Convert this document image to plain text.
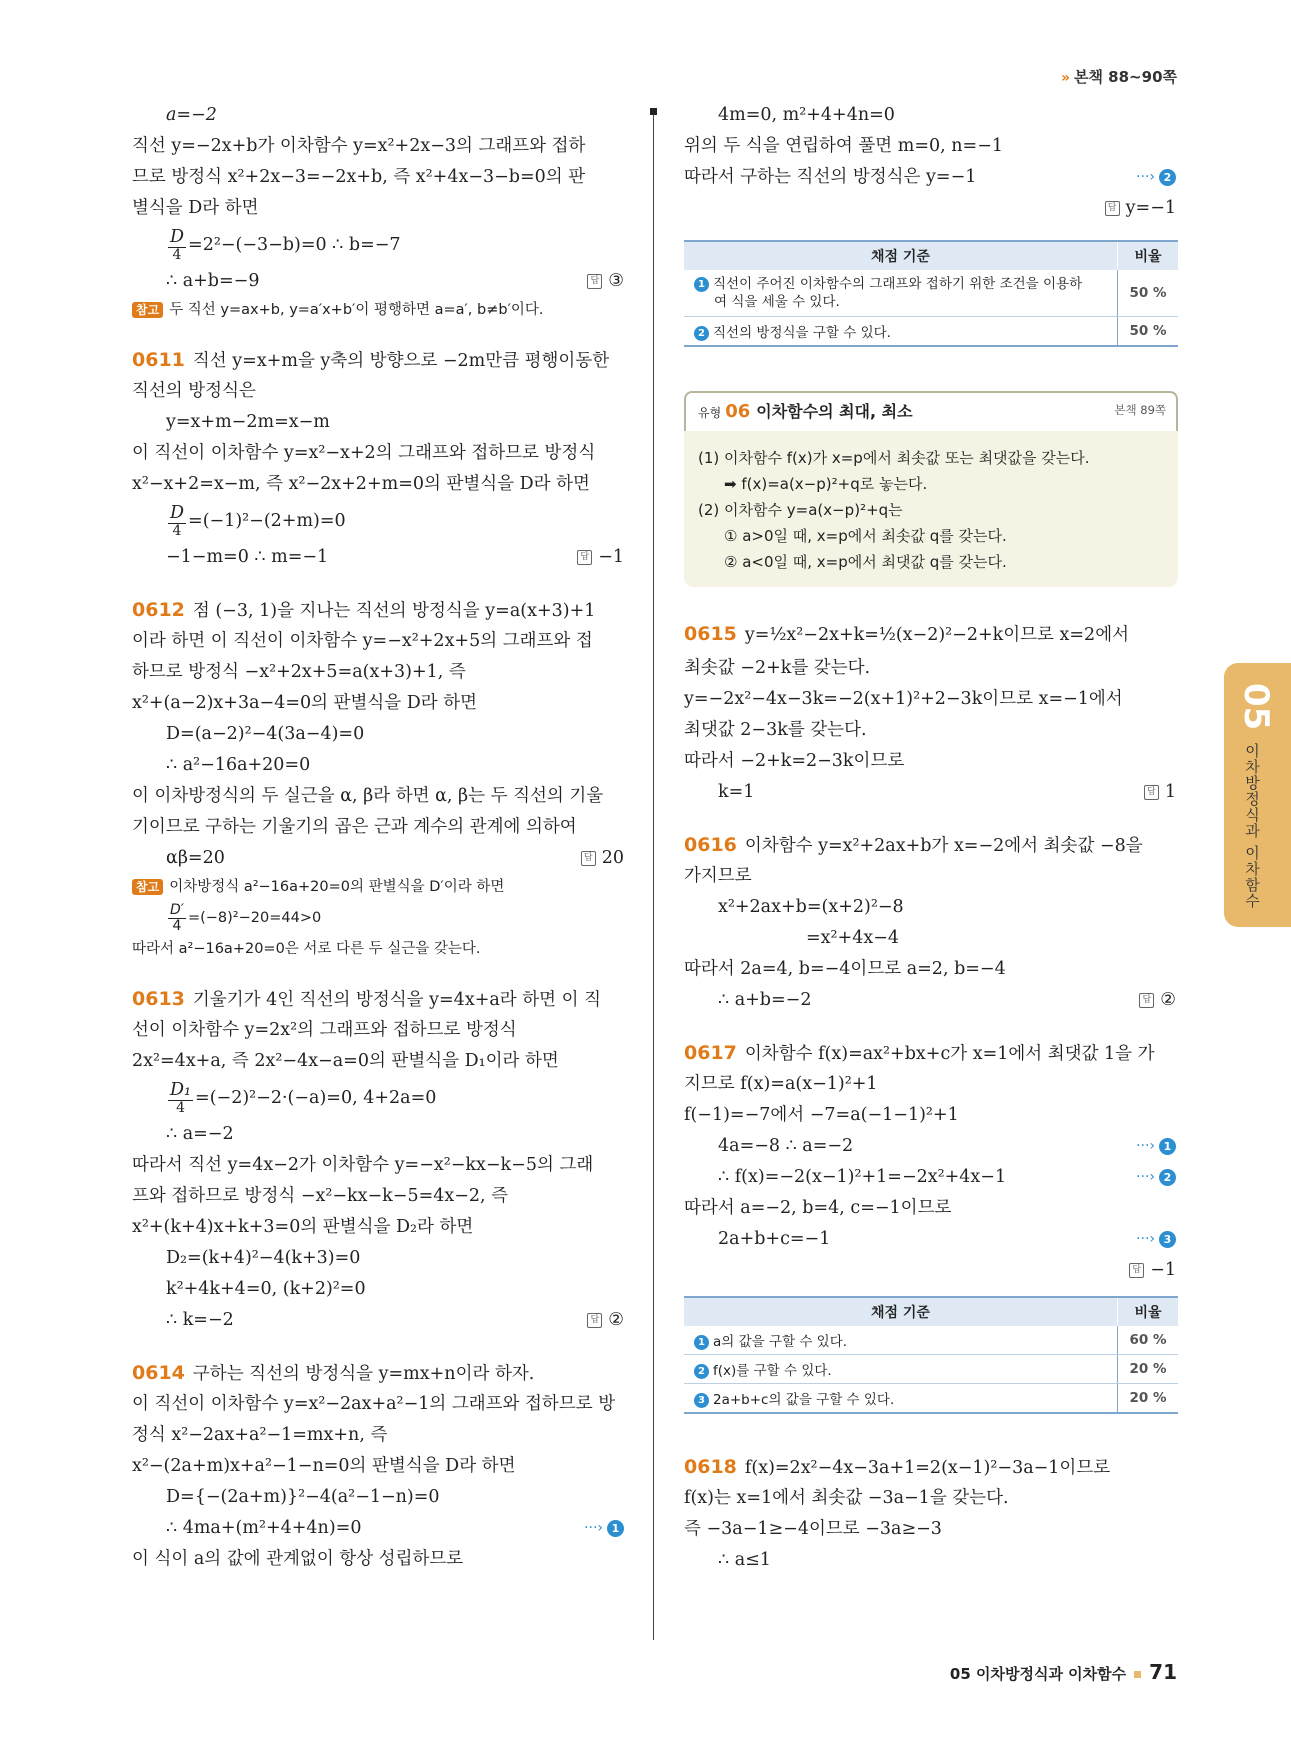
» 본책 88~90쪽
a=−2
직선 y=−2x+b가 이차함수 y=x²+2x−3의 그래프와 접하
므로 방정식 x²+2x−3=−2x+b, 즉 x²+4x−3−b=0의 판
별식을 D라 하면
$\frac{D}{4} =2^2-(-3-b)=0$ ∴ b=−7
∴ a+b=−9	답 ③
참고 두 직선 y=ax+b, y=a′x+b′이 평행하면 a=a′, b≠b′이다.
0611 직선 y=x+m을 y축의 방향으로 −2m만큼 평행이동한
직선의 방정식은
y=x+m−2m=x−m
이 직선이 이차함수 y=x²−x+2의 그래프와 접하므로 방정식
x²−x+2=x−m, 즉 x²−2x+2+m=0의 판별식을 D라 하면
$\frac{D}{4} =(-1)^2-(2+m)=0$
−1−m=0 ∴ m=−1	답 −1
0612 점 (−3, 1)을 지나는 직선의 방정식을 y=a(x+3)+1
이라 하면 이 직선이 이차함수 y=−x²+2x+5의 그래프와 접
하므로 방정식 −x²+2x+5=a(x+3)+1, 즉
x²+(a−2)x+3a−4=0의 판별식을 D라 하면
D=(a−2)²−4(3a−4)=0
∴ a²−16a+20=0
이 이차방정식의 두 실근을 α, β라 하면 α, β는 두 직선의 기울
기이므로 구하는 기울기의 곱은 근과 계수의 관계에 의하여
αβ=20	답 20
참고 이차방정식 a²−16a+20=0의 판별식을 D′이라 하면
$\frac{D'}{4} =(-8)^2-20=44>0$
따라서 a²−16a+20=0은 서로 다른 두 실근을 갖는다.
0613 기울기가 4인 직선의 방정식을 y=4x+a라 하면 이 직
선이 이차함수 y=2x²의 그래프와 접하므로 방정식
2x²=4x+a, 즉 2x²−4x−a=0의 판별식을 D₁이라 하면
$\frac{\text{D₁}}{4} =(-2)^2-2\cdot(-a)=0$, 4+2a=0
∴ a=−2
따라서 직선 y=4x−2가 이차함수 y=−x²−kx−k−5의 그래
프와 접하므로 방정식 −x²−kx−k−5=4x−2, 즉
x²+(k+4)x+k+3=0의 판별식을 D₂라 하면
D₂=(k+4)²−4(k+3)=0
k²+4k+4=0, (k+2)²=0
∴ k=−2	답 ②
0614 구하는 직선의 방정식을 y=mx+n이라 하자.
이 직선이 이차함수 y=x²−2ax+a²−1의 그래프와 접하므로 방
정식 x²−2ax+a²−1=mx+n, 즉
x²−(2a+m)x+a²−1−n=0의 판별식을 D라 하면
D={−(2a+m)}²−4(a²−1−n)=0
∴ 4ma+(m²+4+4n)=0	···› 1
이 식이 a의 값에 관계없이 항상 성립하므로
4m=0, m²+4+4n=0
위의 두 식을 연립하여 풀면 m=0, n=−1
따라서 구하는 직선의 방정식은 y=−1	···› 2
답 y=−1
채점 기준	비율
1 직선이 주어진 이차함수의 그래프와 접하기 위한 조건을 이용하
여 식을 세울 수 있다.	50 %
2 직선의 방정식을 구할 수 있다.	50 %
유형 06 이차함수의 최대, 최소	본책 89쪽
(1) 이차함수 f(x)가 x=p에서 최솟값 또는 최댓값을 갖는다.
➡ f(x)=a(x−p)²+q로 놓는다.
(2) 이차함수 y=a(x−p)²+q는
① a>0일 때, x=p에서 최솟값 q를 갖는다.
② a<0일 때, x=p에서 최댓값 q를 갖는다.
0615 y=½x²−2x+k=½(x−2)²−2+k이므로 x=2에서
최솟값 −2+k를 갖는다.
y=−2x²−4x−3k=−2(x+1)²+2−3k이므로 x=−1에서
최댓값 2−3k를 갖는다.
따라서 −2+k=2−3k이므로
k=1	답 1
0616 이차함수 y=x²+2ax+b가 x=−2에서 최솟값 −8을
가지므로
x²+2ax+b=(x+2)²−8
=x²+4x−4
따라서 2a=4, b=−4이므로 a=2, b=−4
∴ a+b=−2	답 ②
0617 이차함수 f(x)=ax²+bx+c가 x=1에서 최댓값 1을 가
지므로 f(x)=a(x−1)²+1
f(−1)=−7에서 −7=a(−1−1)²+1
4a=−8 ∴ a=−2	···› 1
∴ f(x)=−2(x−1)²+1=−2x²+4x−1	···› 2
따라서 a=−2, b=4, c=−1이므로
2a+b+c=−1	···› 3
답 −1
채점 기준	비율
1 a의 값을 구할 수 있다.	60 %
2 f(x)를 구할 수 있다.	20 %
3 2a+b+c의 값을 구할 수 있다.	20 %
0618 f(x)=2x²−4x−3a+1=2(x−1)²−3a−1이므로
f(x)는 x=1에서 최솟값 −3a−1을 갖는다.
즉 −3a−1≥−4이므로 −3a≥−3
∴ a≤1
05
이차방정식과 이차함수
05 이차방정식과 이차함수 71
